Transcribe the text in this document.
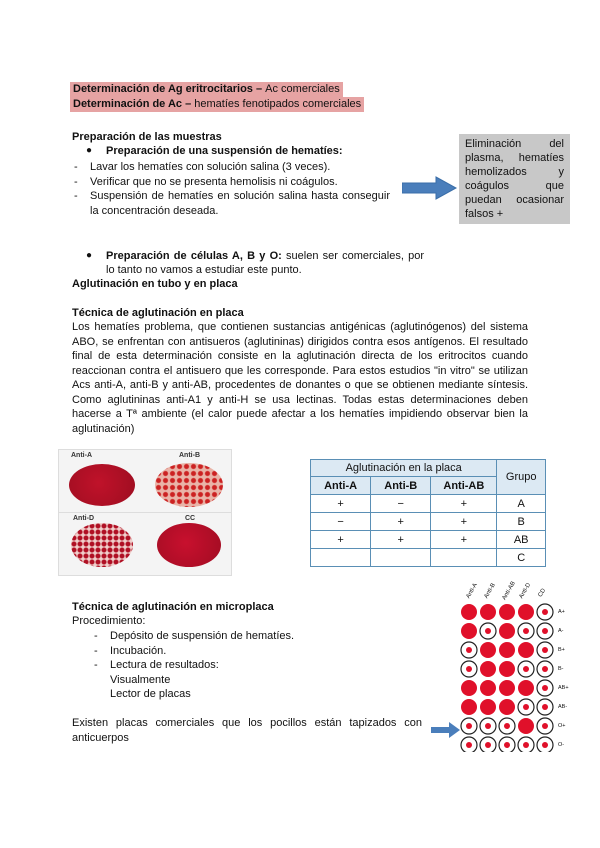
Determinación de Ag eritrocitarios – Ac comerciales
Determinación de Ac – hematíes fenotipados comerciales
Preparación de las muestras
● Preparación de una suspensión de hematíes:
- Lavar los hematíes con solución salina (3 veces).
- Verificar que no se presenta hemolisis ni coágulos.
- Suspensión de hematíes en solución salina hasta conseguir la concentración deseada.
● Preparación de células A, B y O: suelen ser comerciales, por lo tanto no vamos a estudiar este punto.
Eliminación del plasma, hematíes hemolizados y coágulos que puedan ocasionar falsos +
Aglutinación en tubo y en placa
Técnica de aglutinación en placa
Los hematíes problema, que contienen sustancias antigénicas (aglutinógenos) del sistema ABO, se enfrentan con antisueros (aglutininas) dirigidos contra esos antígenos. El resultado final de esta determinación consiste en la aglutinación directa de los eritrocitos cuando reaccionan contra el antisuero que les corresponde. Para estos estudios "in vitro" se utilizan Acs anti-A, anti-B y anti-AB, procedentes de donantes o que se obtienen mediante síntesis. Como aglutininas anti-A1 y anti-H se usa lectinas. Todas estas determinaciones deben hacerse a Tª ambiente (el calor puede afectar a los hematíes impidiendo observar bien la aglutinación)
Anti-A	Anti-B
Anti-D	CC
Aglutinación en la placa			Grupo
Anti-A	Anti-B	Anti-AB	
+	−	+	A
−	+	+	B
+	+	+	AB
			C
Técnica de aglutinación en microplaca
Procedimiento:
- Depósito de suspensión de hematíes.
- Incubación.
- Lectura de resultados:
Visualmente
Lector de placas
Existen placas comerciales que los pocillos están tapizados con anticuerpos
Anti-A Anti-B Anti-AB Anti-D CD
A+
A-
B+
B-
AB+
AB-
O+
O-
